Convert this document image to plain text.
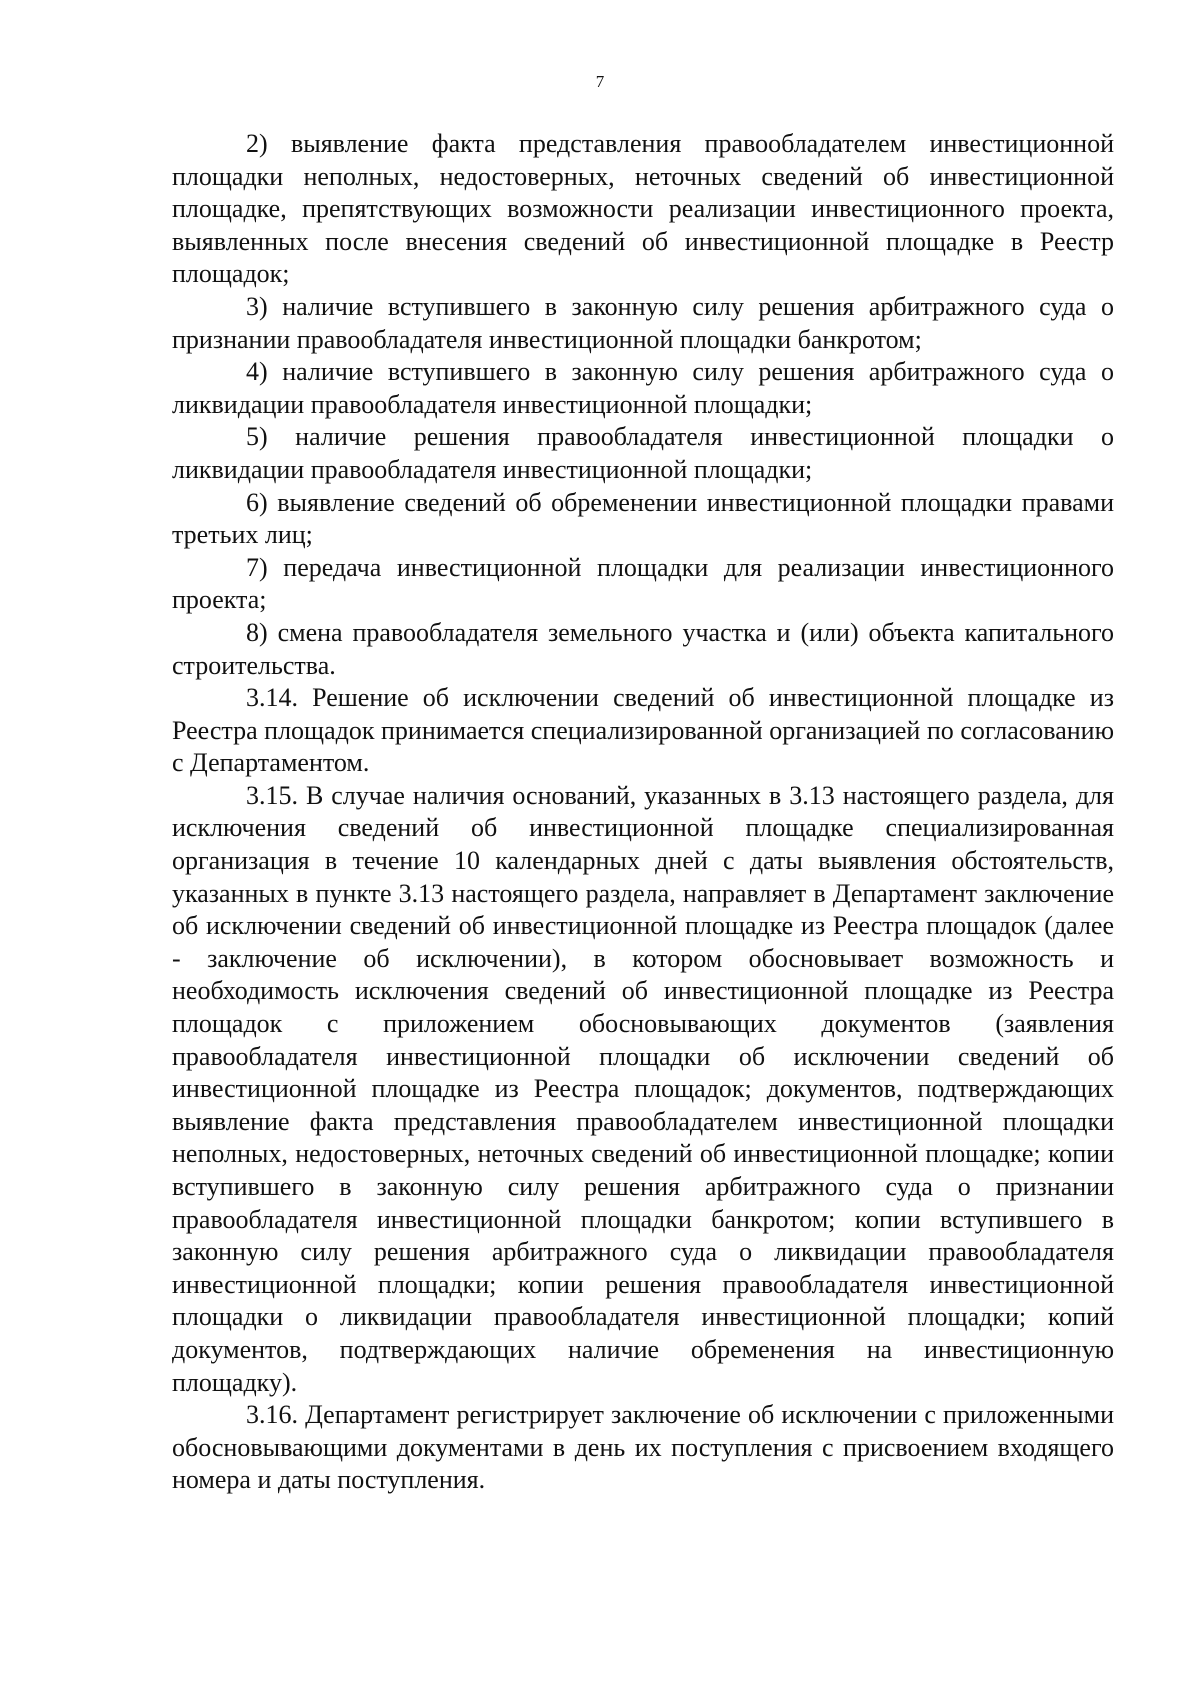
7

2) выявление факта представления правообладателем инвестиционной площадки неполных, недостоверных, неточных сведений об инвестиционной площадке, препятствующих возможности реализации инвестиционного проекта, выявленных после внесения сведений об инвестиционной площадке в Реестр площадок;

3) наличие вступившего в законную силу решения арбитражного суда о признании правообладателя инвестиционной площадки банкротом;

4) наличие вступившего в законную силу решения арбитражного суда о ликвидации правообладателя инвестиционной площадки;

5) наличие решения правообладателя инвестиционной площадки о ликвидации правообладателя инвестиционной площадки;

6) выявление сведений об обременении инвестиционной площадки правами третьих лиц;

7) передача инвестиционной площадки для реализации инвестиционного проекта;

8) смена правообладателя земельного участка и (или) объекта капитального строительства.

3.14. Решение об исключении сведений об инвестиционной площадке из Реестра площадок принимается специализированной организацией по согласованию с Департаментом.

3.15. В случае наличия оснований, указанных в 3.13 настоящего раздела, для исключения сведений об инвестиционной площадке специализированная организация в течение 10 календарных дней с даты выявления обстоятельств, указанных в пункте 3.13 настоящего раздела, направляет в Департамент заключение об исключении сведений об инвестиционной площадке из Реестра площадок (далее - заключение об исключении), в котором обосновывает возможность и необходимость исключения сведений об инвестиционной площадке из Реестра площадок с приложением обосновывающих документов (заявления правообладателя инвестиционной площадки об исключении сведений об инвестиционной площадке из Реестра площадок; документов, подтверждающих выявление факта представления правообладателем инвестиционной площадки неполных, недостоверных, неточных сведений об инвестиционной площадке; копии вступившего в законную силу решения арбитражного суда о признании правообладателя инвестиционной площадки банкротом; копии вступившего в законную силу решения арбитражного суда о ликвидации правообладателя инвестиционной площадки; копии решения правообладателя инвестиционной площадки о ликвидации правообладателя инвестиционной площадки; копий документов, подтверждающих наличие обременения на инвестиционную площадку).

3.16. Департамент регистрирует заключение об исключении с приложенными обосновывающими документами в день их поступления с присвоением входящего номера и даты поступления.
